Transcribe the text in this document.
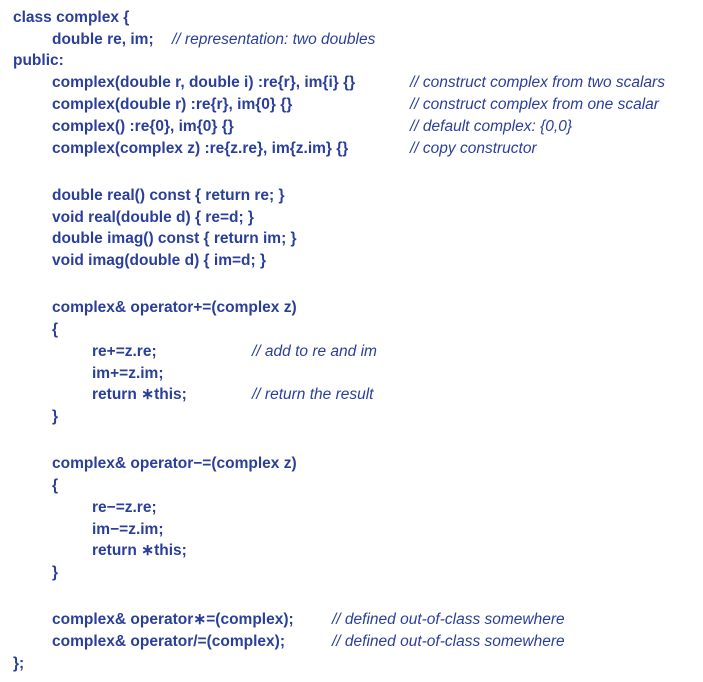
class complex {
double re, im; // representation: two doubles
public:
complex(double r, double i) :re{r}, im{i} {}	// construct complex from two scalars
complex(double r) :re{r}, im{0} {}	// construct complex from one scalar
complex() :re{0}, im{0} {}	// default complex: {0,0}
complex(complex z) :re{z.re}, im{z.im} {}	// copy constructor
double real() const { return re; }
void real(double d) { re=d; }
double imag() const { return im; }
void imag(double d) { im=d; }
complex& operator+=(complex z)
{
re+=z.re;	// add to re and im
im+=z.im;
return ∗this;	// return the result
}
complex& operator−=(complex z)
{
re−=z.re;
im−=z.im;
return ∗this;
}
complex& operator∗=(complex); // defined out-of-class somewhere
complex& operator/=(complex);	// defined out-of-class somewhere
};
